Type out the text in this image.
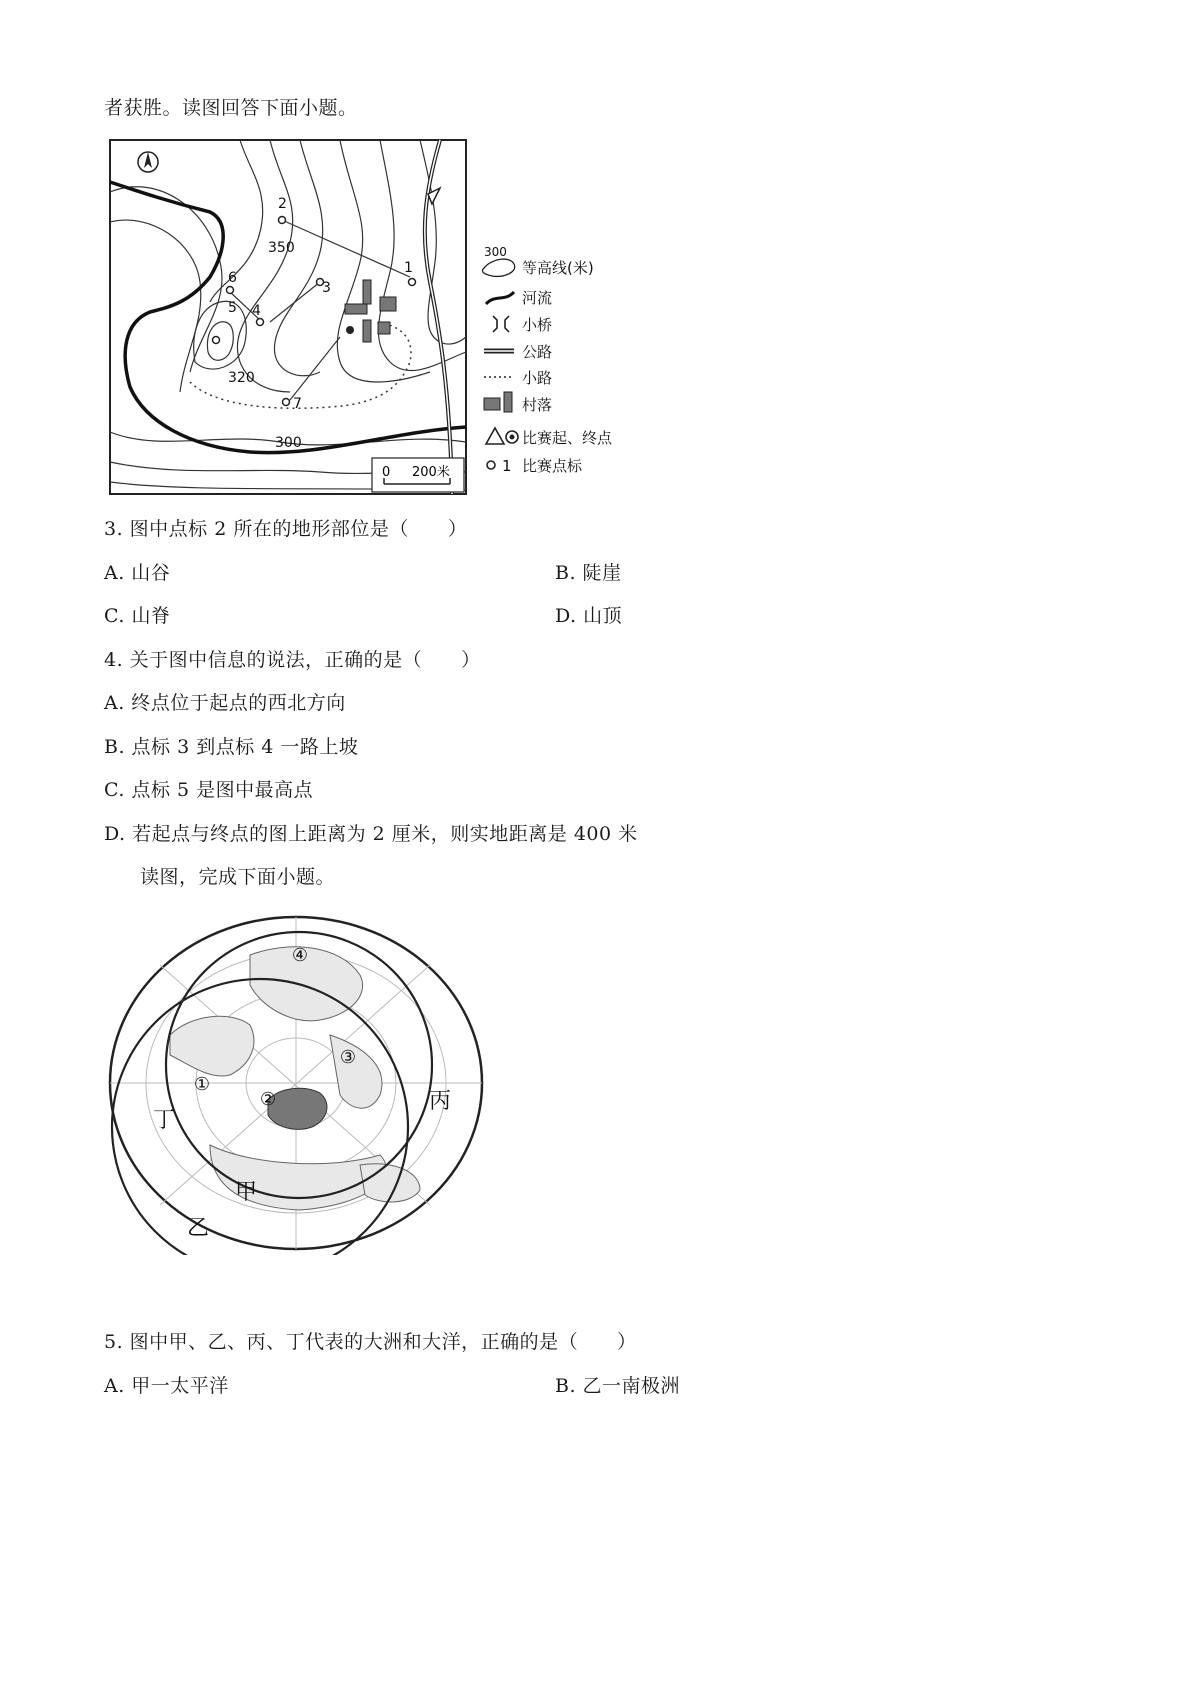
者获胜。读图回答下面小题。
350
320
300
2
3
4
5
6
7
1
0 200米
300
等高线(米)
河流
小桥
公路
小路
村落
比赛起、终点
1 比赛点标
3. 图中点标 2 所在的地形部位是（　　）
A. 山谷	B. 陡崖
C. 山脊	D. 山顶
4. 关于图中信息的说法，正确的是（　　）
A. 终点位于起点的西北方向
B. 点标 3 到点标 4 一路上坡
C. 点标 5 是图中最高点
D. 若起点与终点的图上距离为 2 厘米，则实地距离是 400 米
读图，完成下面小题。
④
③
①
②	丙
丁
甲
乙
5. 图中甲、乙、丙、丁代表的大洲和大洋，正确的是（　　）
A. 甲一太平洋	B. 乙一南极洲
